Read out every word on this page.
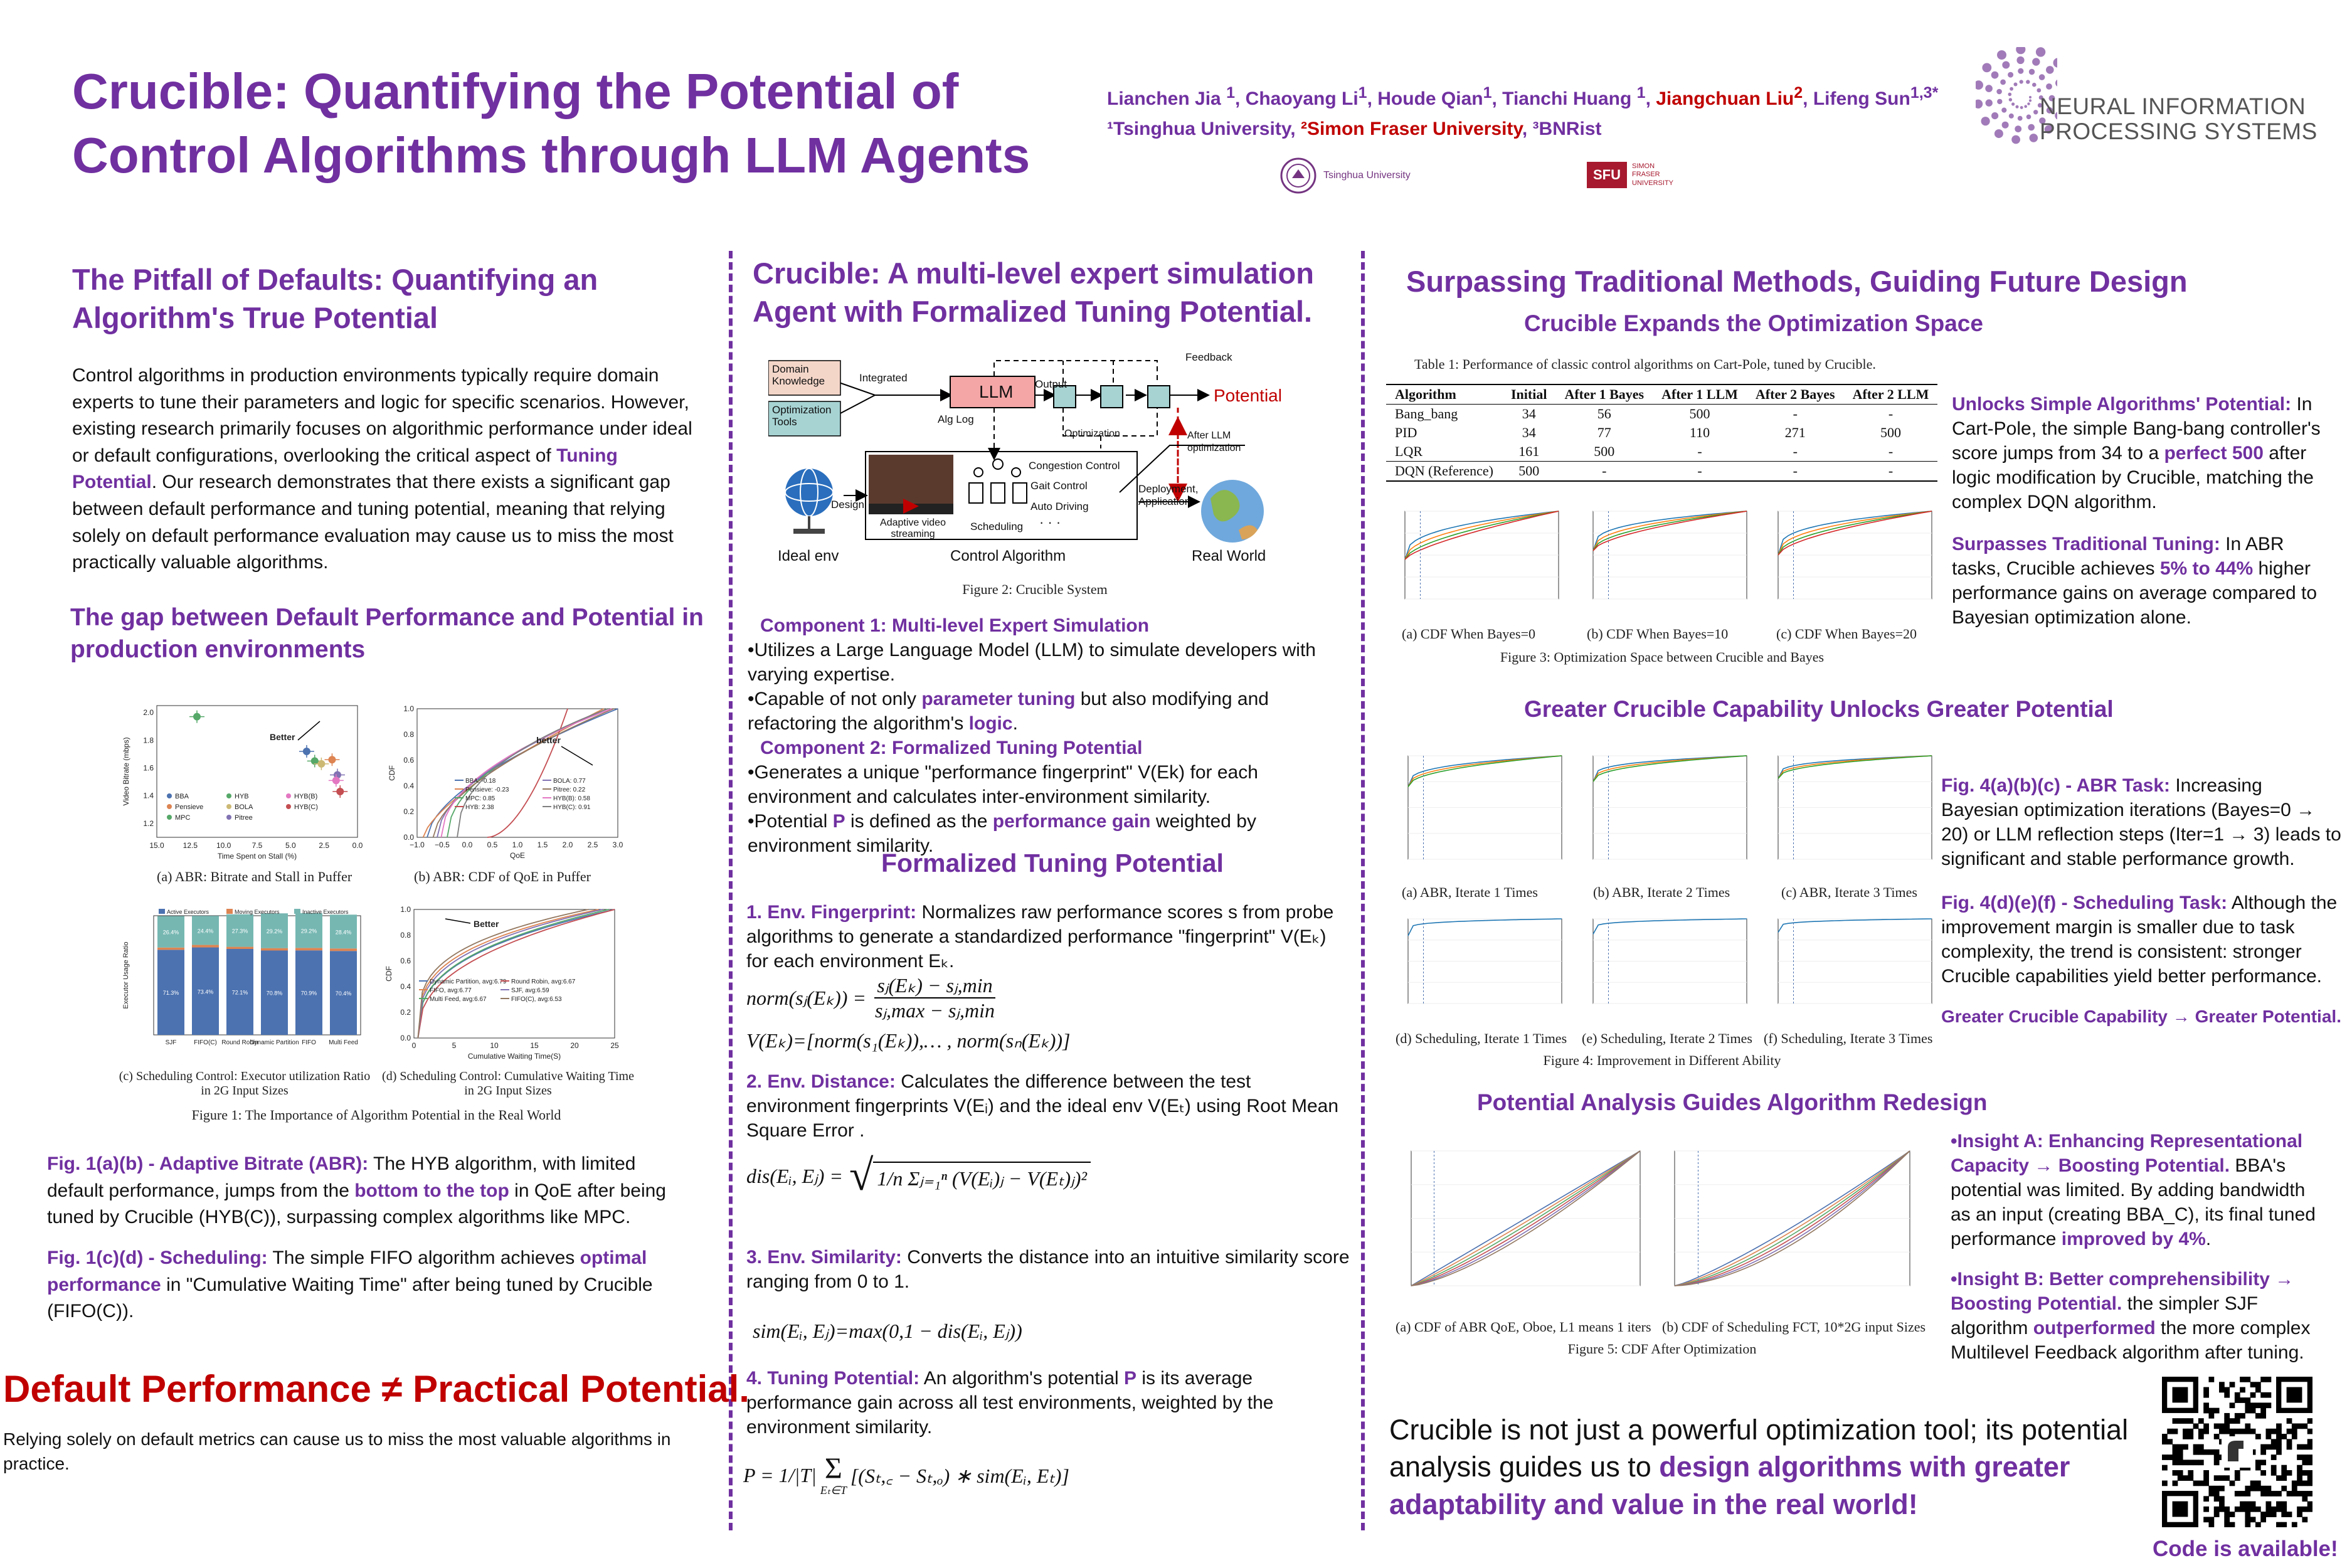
Crucible: Quantifying the Potential of
Control Algorithms through LLM Agents
Lianchen Jia $^1$, Chaoyang Li$^1$, Houde Qian$^1$, Tianchi Huang $^1$, Jiangchuan Liu$^2$, Lifeng Sun$^{1,3*}$
¹Tsinghua University, ²Simon Fraser University, ³BNRist
Tsinghua University	SFU
SIMON FRASER UNIVERSITY
NEURAL INFORMATION
PROCESSING SYSTEMS
The Pitfall of Defaults: Quantifying an Algorithm's True Potential
Control algorithms in production environments typically require domain experts to tune their parameters and logic for specific scenarios. However, existing research primarily focuses on algorithmic performance under ideal or default configurations, overlooking the critical aspect of Tuning Potential. Our research demonstrates that there exists a significant gap between default performance and tuning potential, meaning that relying solely on default performance evaluation may cause us to miss the most practically valuable algorithms.
The gap between Default Performance and Potential in production environments
15.0 12.5 10.0	7.5	5.0	2.5	0.0
1.2
1.4
1.6
1.8
2.0
Time Spent on Stall (%)
Video Bitrate (mbps)
Better
BBA
Pensieve
MPC
HYB
BOLA
Pitree
HYB(B)
HYB(C)
(a) ABR: Bitrate and Stall in Puffer
−1.0 −0.5 0.0 0.5 1.0 1.5 2.0 2.5 3.0
0.0
0.2
0.4
0.6
0.8
1.0
QoE
CDF
BBA: -0.18
Pensieve: -0.23
MPC: 0.85
HYB: 2.38
BOLA: 0.77
Pitree: 0.22
HYB(B): 0.58
HYB(C): 0.91
better
(b) ABR: CDF of QoE in Puffer
Executor Usage Ratio	71.3%
26.4%
SJF
73.4%
24.4%
FIFO(C)
72.1%
27.3%
Round Robin
70.8%
29.2%
Dynamic Partition
70.9%
29.2%
FIFO
70.4%
28.4%
Multi Feed
Active Executors	Moving Executors	Inactive Executors
(c) Scheduling Control: Executor utilization Ratio in 2G Input Sizes
0	5	10	15	20	25
0.0
0.2
0.4
0.6
0.8
1.0
Cumulative Waiting Time(S)
CDF
Dynamic Partition, avg:6.79
FIFO, avg:6.77
Multi Feed, avg:6.67
Round Robin, avg:6.67
SJF, avg:6.59
FIFO(C), avg:6.53
Better
(d) Scheduling Control: Cumulative Waiting Time in 2G Input Sizes
Figure 1: The Importance of Algorithm Potential in the Real World
Fig. 1(a)(b) - Adaptive Bitrate (ABR): The HYB algorithm, with limited default performance, jumps from the bottom to the top in QoE after being tuned by Crucible (HYB(C)), surpassing complex algorithms like MPC.
Fig. 1(c)(d) - Scheduling: The simple FIFO algorithm achieves optimal performance in "Cumulative Waiting Time" after being tuned by Crucible (FIFO(C)).
Default Performance ≠ Practical Potential.
Relying solely on default metrics can cause us to miss the most valuable algorithms in practice.
Crucible: A multi-level expert simulation Agent with Formalized Tuning Potential.
Domain Knowledge
Optimization Tools
Integrated
LLM Output
Feedback
Potential
Alg Log
Optimization	After LLM optimization
Design
Congestion Control
Gait Control
Auto Driving
Scheduling · · ·
Adaptive video streaming
Deployment, Application
Ideal env	Control Algorithm	Real World
Figure 2: Crucible System
Component 1: Multi-level Expert Simulation
•Utilizes a Large Language Model (LLM) to simulate developers with varying expertise.
•Capable of not only parameter tuning but also modifying and refactoring the algorithm's logic.
Component 2: Formalized Tuning Potential
•Generates a unique "performance fingerprint" V(Ek) for each environment and calculates inter-environment similarity.
•Potential P is defined as the performance gain weighted by environment similarity.
Formalized Tuning Potential
1. Env. Fingerprint: Normalizes raw performance scores s from probe algorithms to generate a standardized performance "fingerprint" V(Eₖ) for each environment Eₖ.
norm(sⱼ(Eₖ)) =
sⱼ(Eₖ) − sⱼ,min
sⱼ,max − sⱼ,min
V(Eₖ)=[norm(s₁(Eₖ)),… , norm(sₙ(Eₖ))]
2. Env. Distance: Calculates the difference between the test environment fingerprints V(Eᵢ) and the ideal env V(Eₜ) using Root Mean Square Error .
dis(Eᵢ, Eⱼ) = √ 1/n
Σⱼ₌₁ⁿ (V(Eᵢ)ⱼ − V(Eₜ)ⱼ)²
3. Env. Similarity: Converts the distance into an intuitive similarity score ranging from 0 to 1.
sim(Eᵢ, Eⱼ)=max(0,1 − dis(Eᵢ, Eⱼ))
4. Tuning Potential: An algorithm's potential P is its average performance gain across all test environments, weighted by the environment similarity.
P =
1/|T| Σ
Eₜ∈T
[(Sₜ,꜀ − Sₜ,ₒ) ∗ sim(Eᵢ, Eₜ)]
Surpassing Traditional Methods, Guiding Future Design
Crucible Expands the Optimization Space
Table 1: Performance of classic control algorithms on Cart-Pole, tuned by Crucible.
Algorithm	Initial	After 1 Bayes	After 1 LLM	After 2 Bayes	After 2 LLM
Bang_bang	34	56	500	-	-
PID	34	77	110	271	500
LQR	161	500	-	-	-
DQN (Reference)	500	-	-	-	-
(a) CDF When Bayes=0	(b) CDF When Bayes=10	(c) CDF When Bayes=20
Figure 3: Optimization Space between Crucible and Bayes
Unlocks Simple Algorithms' Potential: In Cart-Pole, the simple Bang-bang controller's score jumps from 34 to a perfect 500 after logic modification by Crucible, matching the complex DQN algorithm.
Surpasses Traditional Tuning: In ABR tasks, Crucible achieves 5% to 44% higher performance gains on average compared to Bayesian optimization alone.
Greater Crucible Capability Unlocks Greater Potential
(a) ABR, Iterate 1 Times	(b) ABR, Iterate 2 Times	(c) ABR, Iterate 3 Times
(d) Scheduling, Iterate 1 Times (e) Scheduling, Iterate 2 Times (f) Scheduling, Iterate 3 Times
Figure 4: Improvement in Different Ability
Fig. 4(a)(b)(c) - ABR Task: Increasing Bayesian optimization iterations (Bayes=0 → 20) or LLM reflection steps (Iter=1 → 3) leads to significant and stable performance growth.
Fig. 4(d)(e)(f) - Scheduling Task: Although the improvement margin is smaller due to task complexity, the trend is consistent: stronger Crucible capabilities yield better performance.
Greater Crucible Capability → Greater Potential.
Potential Analysis Guides Algorithm Redesign
(a) CDF of ABR QoE, Oboe, L1 means 1 iters (b) CDF of Scheduling FCT, 10*2G input Sizes
Figure 5: CDF After Optimization
•Insight A: Enhancing Representational Capacity → Boosting Potential. BBA's potential was limited. By adding bandwidth as an input (creating BBA_C), its final tuned performance improved by 4%.
•Insight B: Better comprehensibility → Boosting Potential. the simpler SJF algorithm outperformed the more complex Multilevel Feedback algorithm after tuning.
Crucible is not just a powerful optimization tool; its potential analysis guides us to design algorithms with greater adaptability and value in the real world!
Code is available!
